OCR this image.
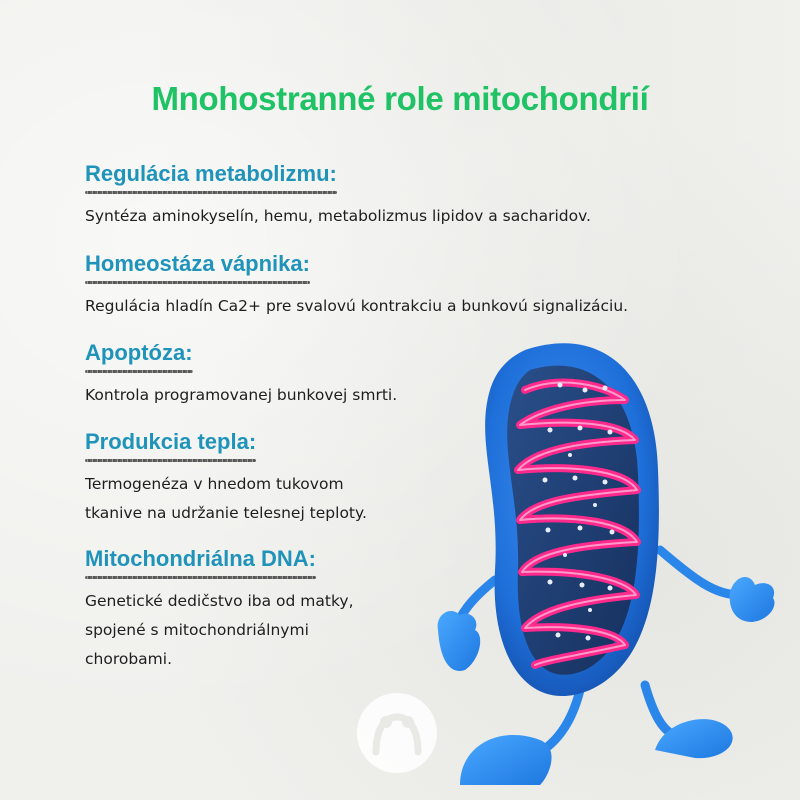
Mnohostranné role mitochondrií
Regulácia metabolizmu:

Syntéza aminokyselín, hemu, metabolizmus lipidov a sacharidov.

Homeostáza vápnika:

Regulácia hladín Ca2+ pre svalovú kontrakciu a bunkovú signalizáciu.

Apoptóza:

Kontrola programovanej bunkovej smrti.

Produkcia tepla:

Termogenéza v hnedom tukovom
tkanive na udržanie telesnej teploty.

Mitochondriálna DNA:

Genetické dedičstvo iba od matky,
spojené s mitochondriálnymi
chorobami.
